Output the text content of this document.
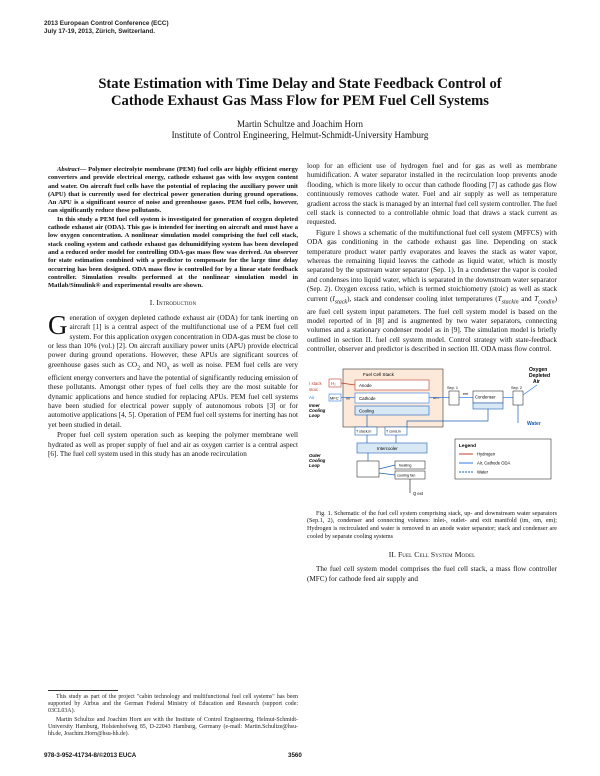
2013 European Control Conference (ECC)
July 17-19, 2013, Zürich, Switzerland.
State Estimation with Time Delay and State Feedback Control of
Cathode Exhaust Gas Mass Flow for PEM Fuel Cell Systems
Martin Schultze and Joachim Horn
Institute of Control Engineering, Helmut-Schmidt-University Hamburg

Abstract— Polymer electrolyte membrane (PEM) fuel cells are highly efficient energy converters and provide electrical energy, cathode exhaust gas with low oxygen content and water. On aircraft fuel cells have the potential of replacing the auxiliary power unit (APU) that is currently used for electrical power generation during ground operations. An APU is a significant source of noise and greenhouse gases. PEM fuel cells, however, can significantly reduce these pollutants.

In this study a PEM fuel cell system is investigated for generation of oxygen depleted cathode exhaust air (ODA). This gas is intended for inerting on aircraft and must have a low oxygen concentration. A nonlinear simulation model comprising the fuel cell stack, stack cooling system and cathode exhaust gas dehumidifying system has been developed and a reduced order model for controlling ODA-gas mass flow was derived. An observer for state estimation combined with a predictor to compensate for the large time delay occurring has been designed. ODA mass flow is controlled for by a linear state feedback controller. Simulation results performed at the nonlinear simulation model in Matlab/Simulink® and experimental results are shown.

I. Introduction

Generation of oxygen depleted cathode exhaust air (ODA) for tank inerting on aircraft [1] is a central aspect of the multifunctional use of a PEM fuel cell system. For this application oxygen concentration in ODA-gas must be close to or less than 10% (vol.) [2]. On aircraft auxiliary power units (APU) provide electrical power during ground operations. However, these APUs are significant sources of greenhouse gases such as $CO_2$ and $NO_x$ as well as noise. PEM fuel cells are very efficient energy converters and have the potential of significantly reducing emission of these pollutants. Amongst other types of fuel cells they are the most suitable for dynamic applications and hence studied for replacing APUs. PEM fuel cell systems have been studied for electrical power supply of autonomous robots [3] or for automotive applications [4, 5]. Operation of PEM fuel cell systems for inerting has not yet been studied in detail.

Proper fuel cell system operation such as keeping the polymer membrane well hydrated as well as proper supply of fuel and air as oxygen carrier is a central aspect [6]. The fuel cell system used in this study has an anode recirculation

loop for an efficient use of hydrogen fuel and for gas as well as membrane humidification. A water separator installed in the recirculation loop prevents anode flooding, which is more likely to occur than cathode flooding [7] as cathode gas flow continuously removes cathode water. Fuel and air supply as well as temperature gradient across the stack is managed by an internal fuel cell system controller. The fuel cell stack is connected to a controllable ohmic load that draws a stack current as requested.

Figure 1 shows a schematic of the multifunctional fuel cell system (MFFCS) with ODA gas conditioning in the cathode exhaust gas line. Depending on stack temperature product water partly evaporates and leaves the stack as water vapor, whereas the remaining liquid leaves the cathode as liquid water, which is mostly separated by the upstream water separator (Sep. 1). In a condenser the vapor is cooled and condenses into liquid water, which is separated in the downstream water separator (Sep. 2). Oxygen excess ratio, which is termed stoichiometry (stoic) as well as stack current $(I_{stack})$, stack and condenser cooling inlet temperatures ($T_{stackin}$ and $T_{condin}$) are fuel cell system input parameters. The fuel cell system model is based on the model reported of in [8] and is augmented by two water separators, connecting volumes and a stationary condenser model as in [9]. The simulation model is briefly outlined in section II. fuel cell system model. Control strategy with state-feedback controller, observer and predictor is described in section III. ODA mass flow control.

Fuel Cell Stack
Anode
Cathode
Cooling
H₂
MFC im
I stack
stoic
Air
Inner
Cooling
Loop
Outer
Cooling
Loop
om
Sep. 1
em
Condenser
Sep. 2
Oxygen
Depleted
Air
Water
T stack,in	T cond,in
Intercooler
heating
cooling fan
Q ext
Legend
Hydrogen
Air, Cathode ODA
Water

Fig. 1. Schematic of the fuel cell system comprising stack, up- and downstream water separators (Sep.1, 2), condenser and connecting volumes: inlet-, outlet- and exit manifold (im, om, em); Hydrogen is recirculated and water is removed in an anode water separator; stack and condenser are cooled by separate cooling systems

II. Fuel Cell System Model

The fuel cell system model comprises the fuel cell stack, a mass flow controller (MFC) for cathode feed air supply and

This study as part of the project "cabin technology and multifunctional fuel cell systems" has been supported by Airbus and the German Federal Ministry of Education and Research (support code: 03CL03A).

Martin Schultze and Joachim Horn are with the Institute of Control Engineering, Helmut-Schmidt-University Hamburg, Holstenhofweg 85, D-22043 Hamburg, Germany (e-mail: Martin.Schultze@hsu-hh.de, Joachim.Horn@hsu-hh.de).

978-3-952-41734-8/©2013 EUCA	3560
